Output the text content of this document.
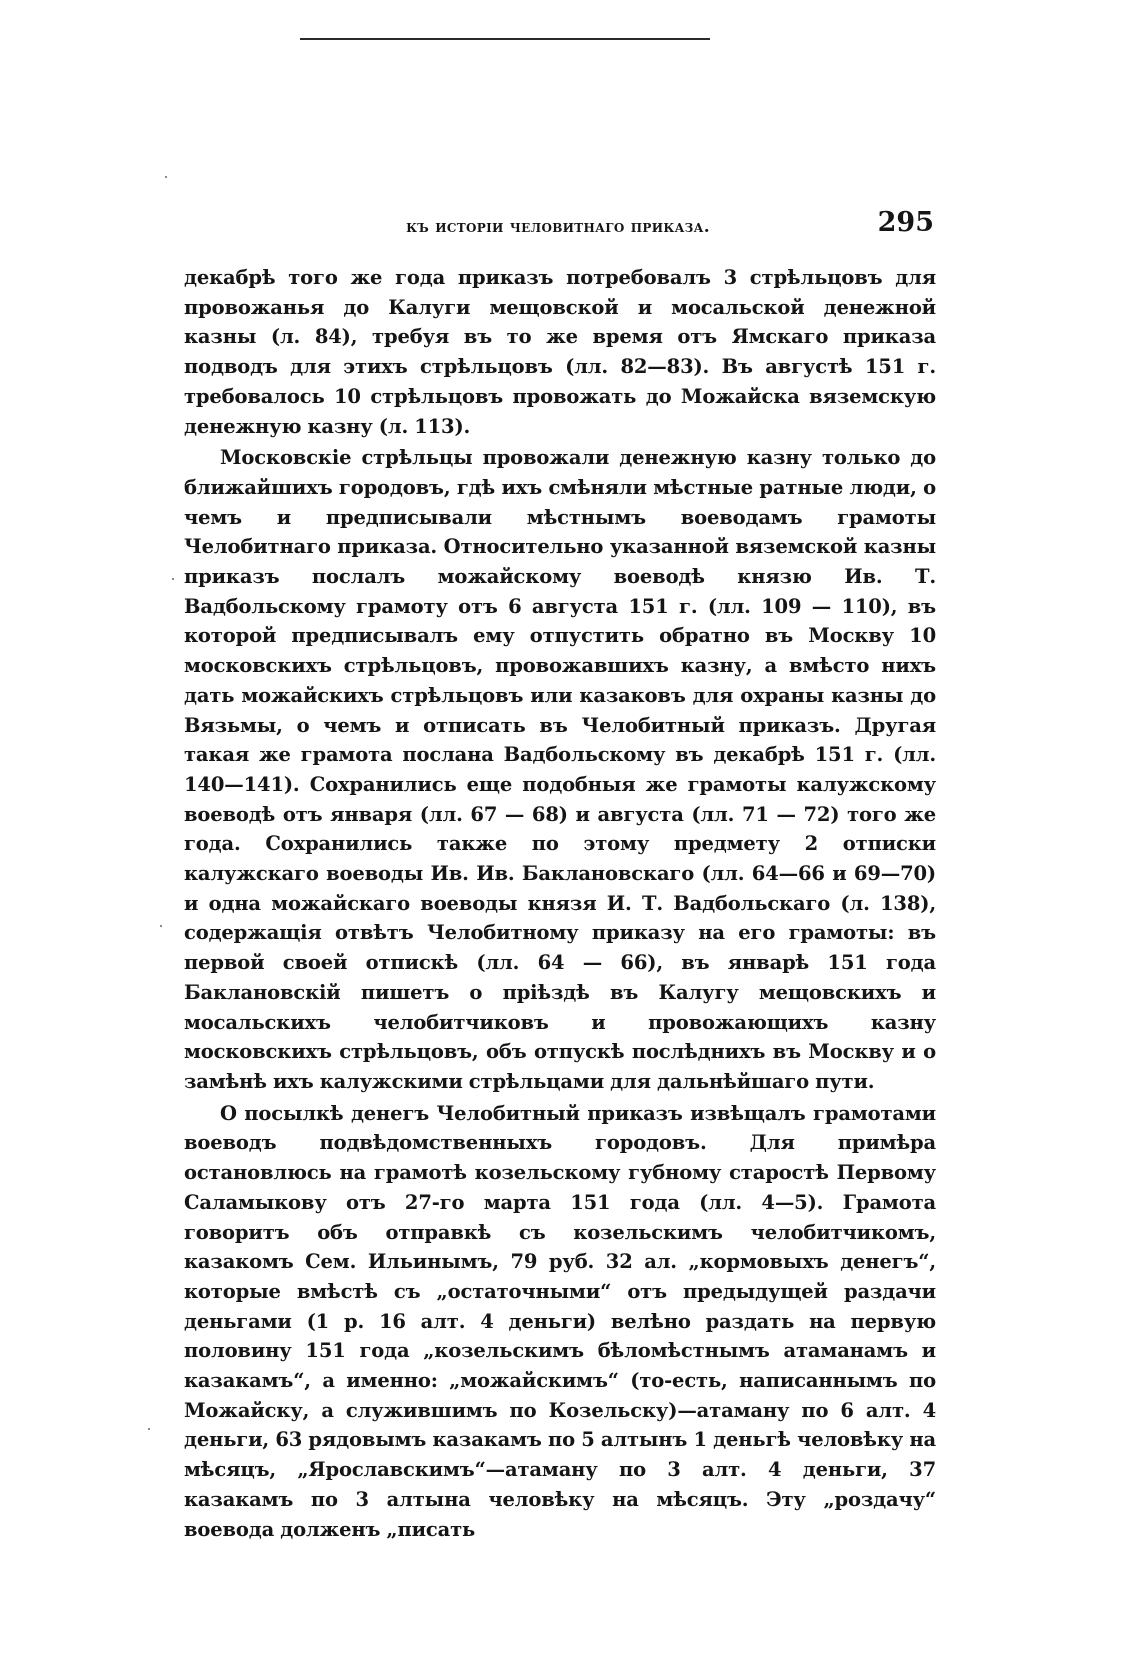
къ исторіи человитнаго приказа.	295

декабрѣ того же года приказъ потребовалъ 3 стрѣльцовъ для провожанья до Калуги мещовской и мосальской денежной казны (л. 84), требуя въ то же время отъ Ямскаго приказа подводъ для этихъ стрѣльцовъ (лл. 82—83). Въ августѣ 151 г. требовалось 10 стрѣльцовъ провожать до Можайска вяземскую денежную казну (л. 113).

Московскіе стрѣльцы провожали денежную казну только до ближайшихъ городовъ, гдѣ ихъ смѣняли мѣстные ратные люди, о чемъ и предписывали мѣстнымъ воеводамъ грамоты Челобитнаго приказа. Относительно указанной вяземской казны приказъ послалъ можайскому воеводѣ князю Ив. Т. Вадбольскому грамоту отъ 6 августа 151 г. (лл. 109 — 110), въ которой предписывалъ ему отпустить обратно въ Москву 10 московскихъ стрѣльцовъ, провожавшихъ казну, а вмѣсто нихъ дать можайскихъ стрѣльцовъ или казаковъ для охраны казны до Вязьмы, о чемъ и отписать въ Челобитный приказъ. Другая такая же грамота послана Вадбольскому въ декабрѣ 151 г. (лл. 140—141). Сохранились еще подобныя же грамоты калужскому воеводѣ отъ января (лл. 67 — 68) и августа (лл. 71 — 72) того же года. Сохранились также по этому предмету 2 отписки калужскаго воеводы Ив. Ив. Баклановскаго (лл. 64—66 и 69—70) и одна можайскаго воеводы князя И. Т. Вадбольскаго (л. 138), содержащія отвѣтъ Челобитному приказу на его грамоты: въ первой своей отпискѣ (лл. 64 — 66), въ январѣ 151 года Баклановскій пишетъ о пріѣздѣ въ Калугу мещовскихъ и мосальскихъ челобитчиковъ и провожающихъ казну московскихъ стрѣльцовъ, объ отпускѣ послѣднихъ въ Москву и о замѣнѣ ихъ калужскими стрѣльцами для дальнѣйшаго пути.

О посылкѣ денегъ Челобитный приказъ извѣщалъ грамотами воеводъ подвѣдомственныхъ городовъ. Для примѣра остановлюсь на грамотѣ козельскому губному старостѣ Первому Саламыкову отъ 27-го марта 151 года (лл. 4—5). Грамота говоритъ объ отправкѣ съ козельскимъ челобитчикомъ, казакомъ Сем. Ильинымъ, 79 руб. 32 ал. „кормовыхъ денегъ“, которые вмѣстѣ съ „остаточными“ отъ предыдущей раздачи деньгами (1 р. 16 алт. 4 деньги) велѣно раздать на первую половину 151 года „козельскимъ бѣломѣстнымъ атаманамъ и казакамъ“, а именно: „можайскимъ“ (то-есть, написаннымъ по Можайску, а служившимъ по Козельску)—атаману по 6 алт. 4 деньги, 63 рядовымъ казакамъ по 5 алтынъ 1 деньгѣ человѣку на мѣсяцъ, „Ярославскимъ“—атаману по 3 алт. 4 деньги, 37 казакамъ по 3 алтына человѣку на мѣсяцъ. Эту „роздачу“ воевода долженъ „писать
